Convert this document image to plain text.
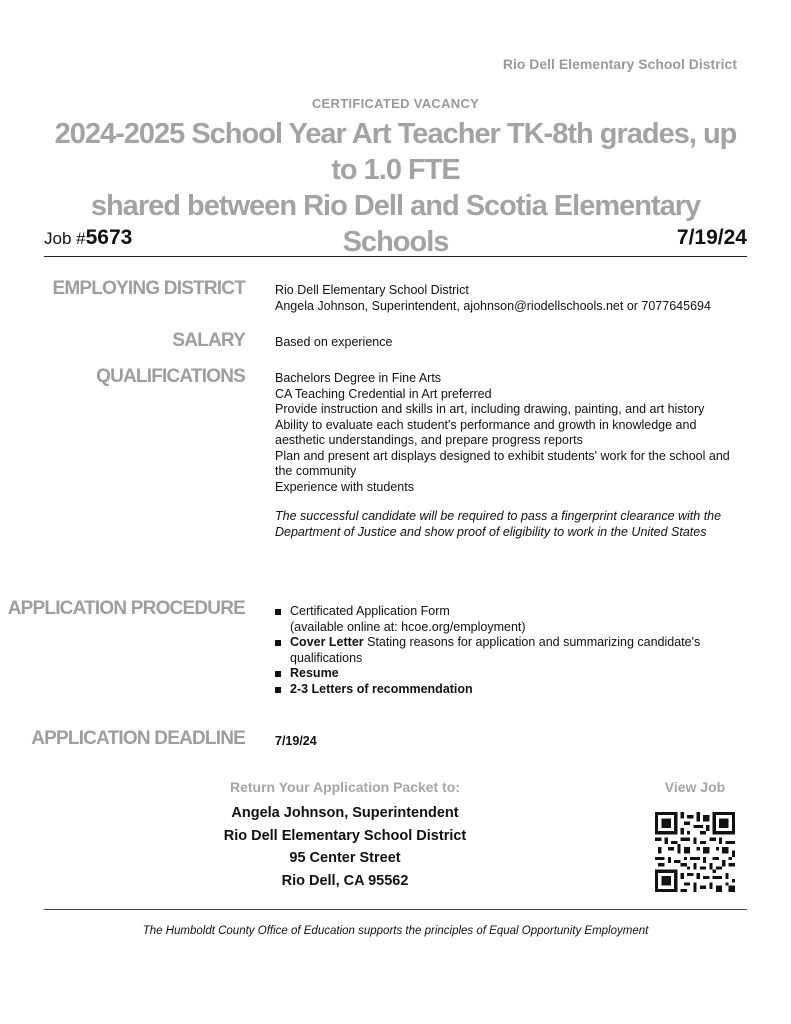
Rio Dell Elementary School District
CERTIFICATED VACANCY
2024-2025 School Year Art Teacher TK-8th grades, up to 1.0 FTE
shared between Rio Dell and Scotia Elementary Schools
Job #5673	7/19/24
EMPLOYING DISTRICT Rio Dell Elementary School District
Angela Johnson, Superintendent, ajohnson@riodellschools.net or 7077645694
SALARY Based on experience
QUALIFICATIONS Bachelors Degree in Fine Arts
CA Teaching Credential in Art preferred
Provide instruction and skills in art, including drawing, painting, and art history
Ability to evaluate each student's performance and growth in knowledge and aesthetic understandings, and prepare progress reports
Plan and present art displays designed to exhibit students' work for the school and the community
Experience with students
The successful candidate will be required to pass a fingerprint clearance with the Department of Justice and show proof of eligibility to work in the United States
APPLICATION PROCEDURE	Certificated Application Form
(available online at: hcoe.org/employment)
Cover Letter Stating reasons for application and summarizing candidate's qualifications
Resume
2-3 Letters of recommendation
APPLICATION DEADLINE 7/19/24
Return Your Application Packet to:
Angela Johnson, Superintendent
Rio Dell Elementary School District
95 Center Street
Rio Dell, CA 95562
View Job
The Humboldt County Office of Education supports the principles of Equal Opportunity Employment
